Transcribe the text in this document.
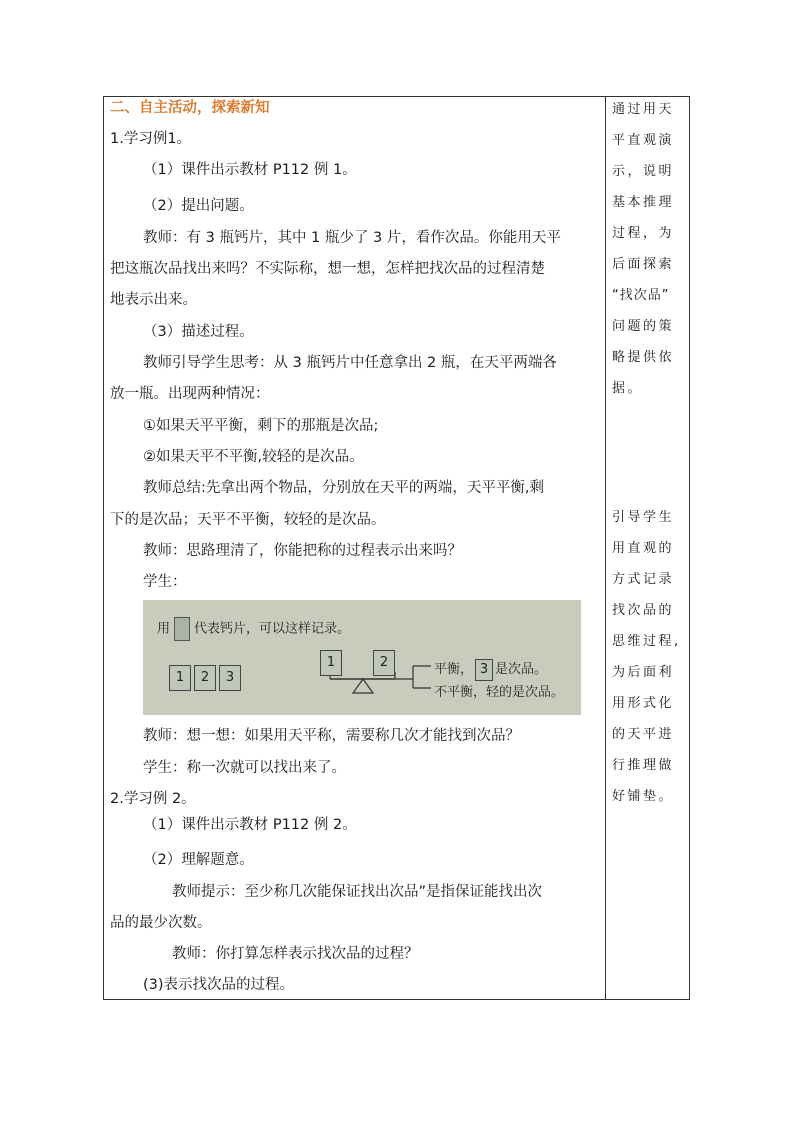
二、自主活动，探索新知
1.学习例1。
（1）课件出示教材 P112 例 1。
（2）提出问题。
教师：有 3 瓶钙片，其中 1 瓶少了 3 片，看作次品。你能用天平
把这瓶次品找出来吗？不实际称，想一想，怎样把找次品的过程清楚
地表示出来。
（3）描述过程。
教师引导学生思考：从 3 瓶钙片中任意拿出 2 瓶，在天平两端各
放一瓶。出现两种情况：
①如果天平平衡，剩下的那瓶是次品;
②如果天平不平衡,较轻的是次品。
教师总结:先拿出两个物品，分别放在天平的两端，天平平衡,剩
下的是次品；天平不平衡，较轻的是次品。
教师：思路理清了，你能把称的过程表示出来吗？
学生：
用 代表钙片，可以这样记录。
1	2	3
1	2	平衡， 3 是次品。
不平衡，轻的是次品。
教师：想一想：如果用天平称，需要称几次才能找到次品？
学生：称一次就可以找出来了。
2.学习例 2。
（1）课件出示教材 P112 例 2。
（2）理解题意。
教师提示：至少称几次能保证找出次品”是指保证能找出次
品的最少次数。
教师：你打算怎样表示找次品的过程？
(3)表示找次品的过程。
通过用天
平直观演
示，说明
基本推理
过程，为
后面探索
“找次品”
问题的策
略提供依
据。
引导学生
用直观的
方式记录
找次品的
思维过程,
为后面利
用形式化
的天平进
行推理做
好铺垫。
